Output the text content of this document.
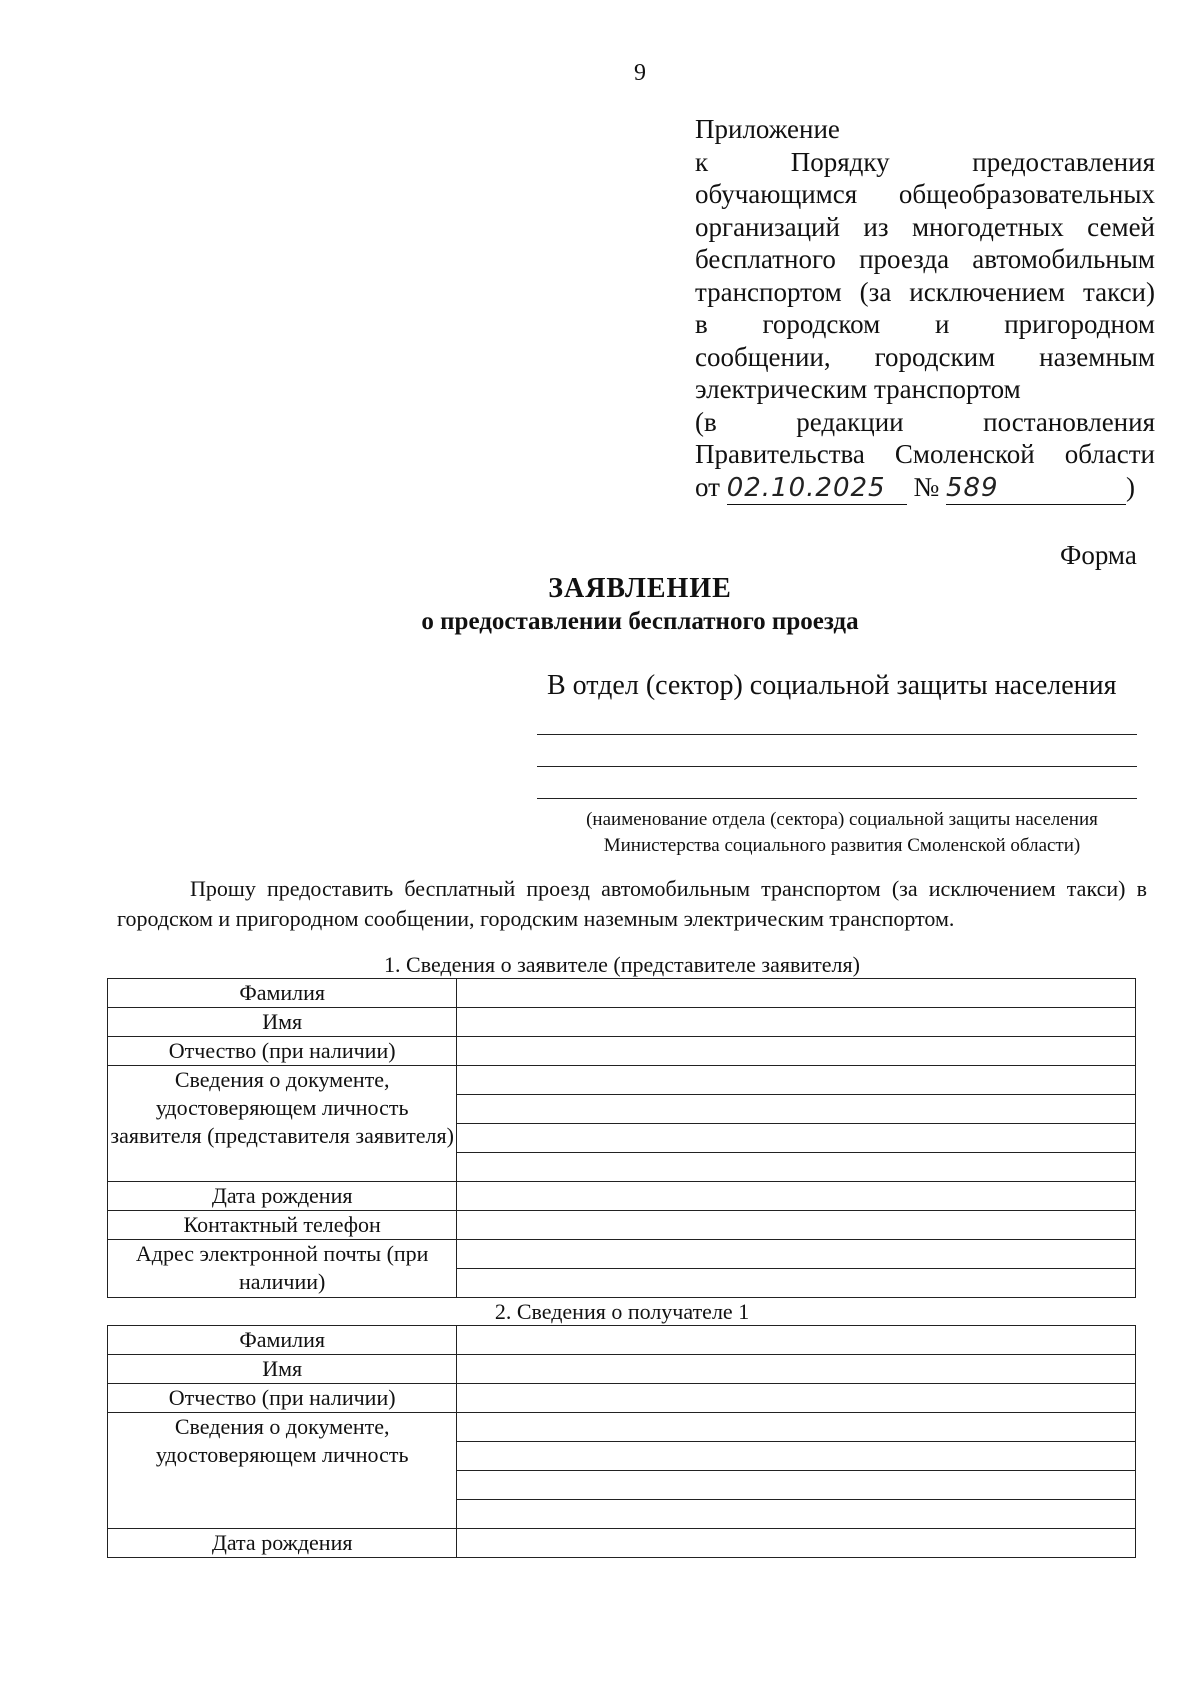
9
Приложение
к Порядку предоставления
обучающимся общеобразовательных
организаций из многодетных семей
бесплатного проезда автомобильным
транспортом (за исключением такси)
в городском и пригородном
сообщении, городским наземным
электрическим транспортом
(в редакции постановления
Правительства Смоленской области
от 02.10.2025 № 589	)
Форма
ЗАЯВЛЕНИЕ
о предоставлении бесплатного проезда
В отдел (сектор) социальной защиты населения
(наименование отдела (сектора) социальной защиты населения
Министерства социального развития Смоленской области)
Прошу предоставить бесплатный проезд автомобильным транспортом (за исключением такси) в городском и пригородном сообщении, городским наземным электрическим транспортом.
1. Сведения о заявителе (представителе заявителя)
Фамилия	

Имя	

Отчество (при наличии)	

Сведения о документе, удостоверяющем личность заявителя (представителя заявителя)	

Дата рождения	

Контактный телефон	

Адрес электронной почты (при наличии)	
2. Сведения о получателе 1
Фамилия	

Имя	

Отчество (при наличии)	

Сведения о документе, удостоверяющем личность	

Дата рождения	
